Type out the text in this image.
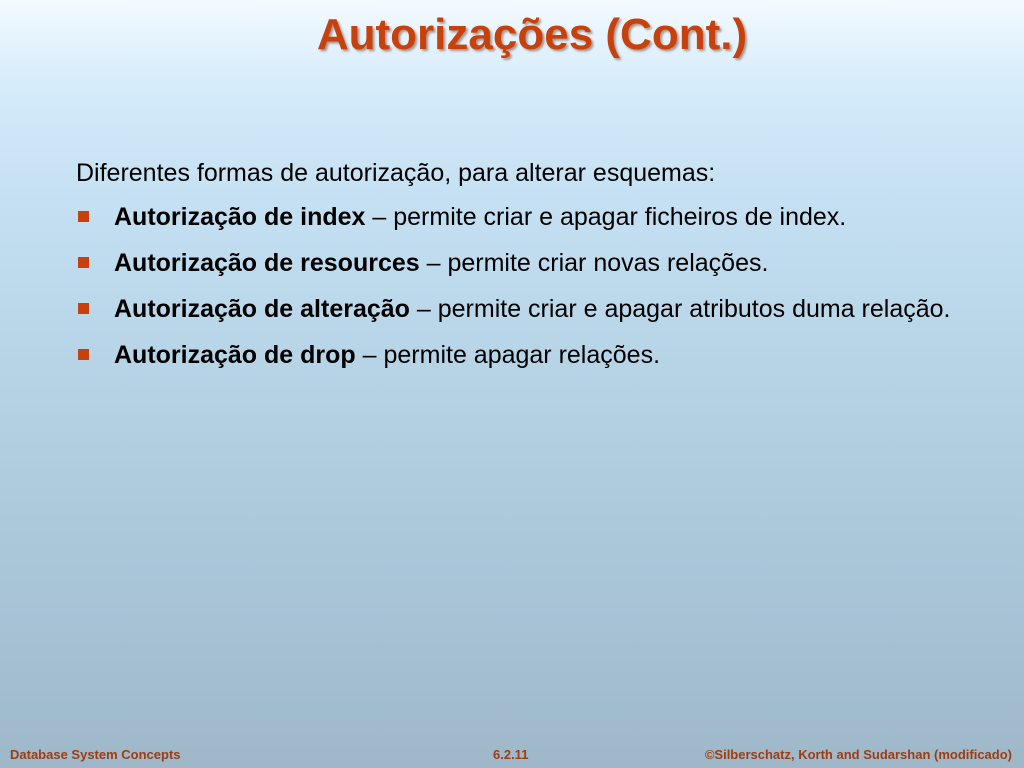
Autorizações (Cont.)

Diferentes formas de autorização, para alterar esquemas:

Autorização de index – permite criar e apagar ficheiros de index.
Autorização de resources – permite criar novas relações.
Autorização de alteração – permite criar e apagar atributos duma relação.
Autorização de drop – permite apagar relações.
Database System Concepts	6.2.11	©Silberschatz, Korth and Sudarshan (modificado)
